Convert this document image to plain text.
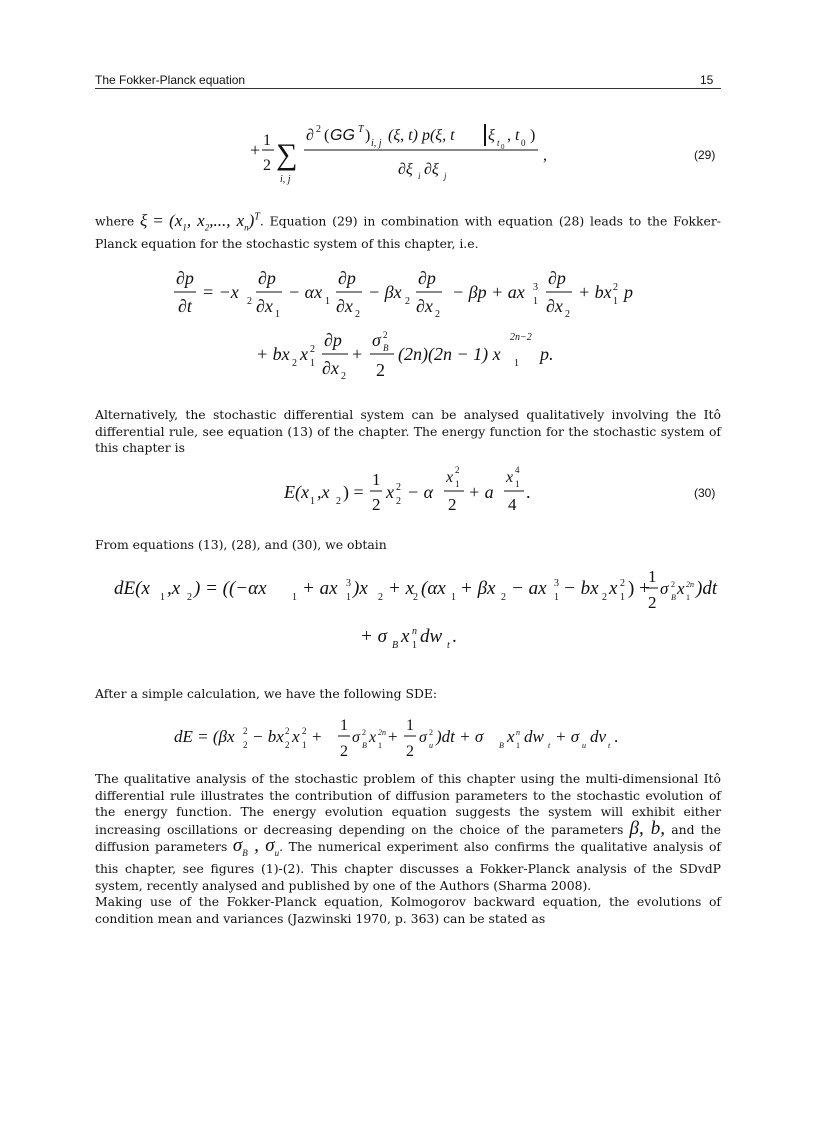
The Fokker-Planck equation	15
+ 1
2 ∑
i, j
∂ 2 ( GG T ) i, j (ξ, t) p(ξ, t ξ t 0
, t 0 )
∂ξ i ∂ξ j
,	(29)

where $\xi = (x_1$, $x_2$,..., $x_n)^T$. Equation (29) in combination with equation (28) leads to the Fokker-Planck equation for the stochastic system of this chapter, i.e.

∂p
∂t
= −x 2
∂p
∂x 1
− αx 1
∂p
∂x 2
− βx 2
∂p
∂x 2
− βp + ax 1
3 ∂p
∂x 2
+ bx 1
2 p
2n−2
+ bx 2 x 1
2 ∂p
∂x 2
+
σ B
2
2
(2n)(2n − 1) x 1 p.

Alternatively, the stochastic differential system can be analysed qualitatively involving the Itô differential rule, see equation (13) of the chapter. The energy function for the stochastic system of this chapter is

E(x 1 ,x 2 ) =
1
2
x 2
2 − α
x 1
2
2
+ a
x 1
4
4
.	(30)

From equations (13), (28), and (30), we obtain

dE(x 1 ,x 2 ) = ((−αx	1 + ax 1
3 )x 2 + x
2 (αx 1 + βx 2 − ax 1
3 − bx 2 x 1
2 ) +
1
2
σ B
2 x 1
2n )dt
+ σ B x 1
n dw t .

After a simple calculation, we have the following SDE:

dE = (βx 2
2 − bx 2
2 x 1
2 +
1
2
σ B
2 x 1
2n +
1
2
σ u
2 )dt + σ B x 1
n dw t + σ u dv t .

The qualitative analysis of the stochastic problem of this chapter using the multi-dimensional Itô differential rule illustrates the contribution of diffusion parameters to the stochastic evolution of the energy function. The energy evolution equation suggests the system will exhibit either increasing oscillations or decreasing depending on the choice of the parameters β, b, and the diffusion parameters $\sigma_B$ , $\sigma_u$. The numerical experiment also confirms the qualitative analysis of this chapter, see figures (1)-(2). This chapter discusses a Fokker-Planck analysis of the SDvdP system, recently analysed and published by one of the Authors (Sharma 2008).

Making use of the Fokker-Planck equation, Kolmogorov backward equation, the evolutions of condition mean and variances (Jazwinski 1970, p. 363) can be stated as
